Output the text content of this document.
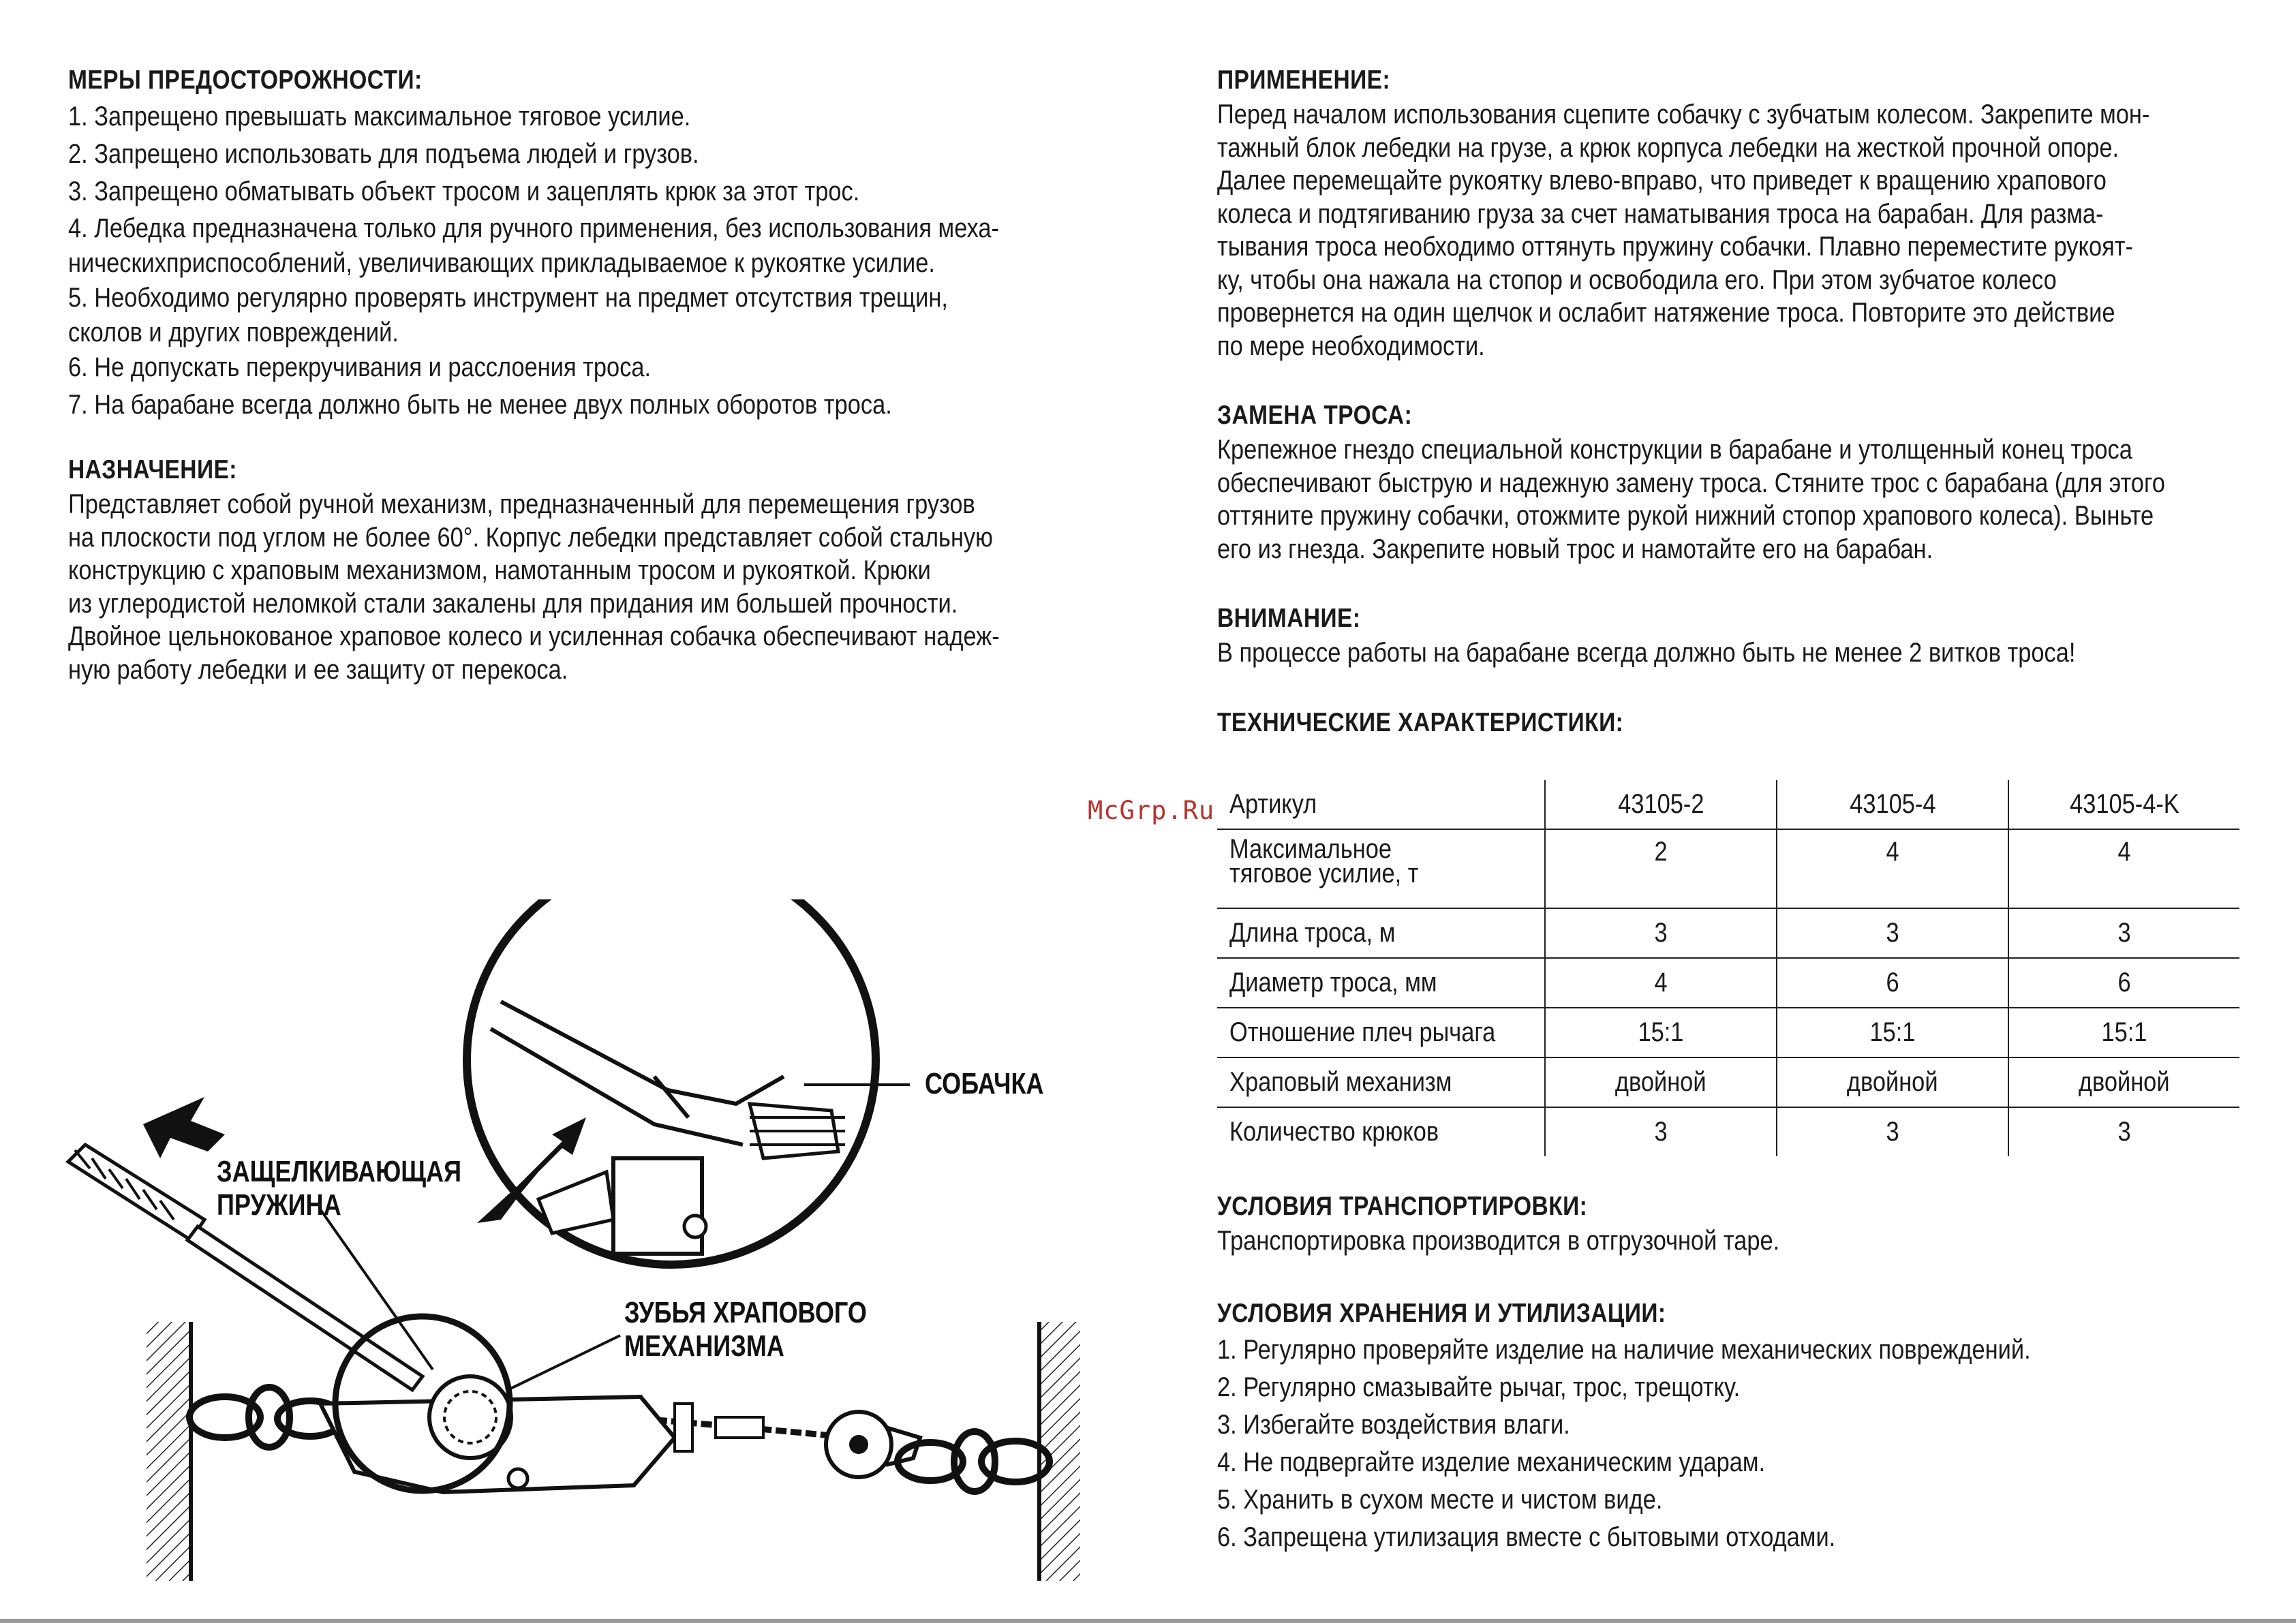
МЕРЫ ПРЕДОСТОРОЖНОСТИ:
1. Запрещено превышать максимальное тяговое усилие.
2. Запрещено использовать для подъема людей и грузов.
3. Запрещено обматывать объект тросом и зацеплять крюк за этот трос.
4. Лебедка предназначена только для ручного применения, без использования меха-
ническихприспособлений, увеличивающих прикладываемое к рукоятке усилие.
5. Необходимо регулярно проверять инструмент на предмет отсутствия трещин,
сколов и других повреждений.
6. Не допускать перекручивания и расслоения троса.
7. На барабане всегда должно быть не менее двух полных оборотов троса.
НАЗНАЧЕНИЕ:
Представляет собой ручной механизм, предназначенный для перемещения грузов
на плоскости под углом не более 60°. Корпус лебедки представляет собой стальную
конструкцию с храповым механизмом, намотанным тросом и рукояткой. Крюки
из углеродистой неломкой стали закалены для придания им большей прочности.
Двойное цельнокованое храповое колесо и усиленная собачка обеспечивают надеж-
ную работу лебедки и ее защиту от перекоса.
СОБАЧКА
ЗАЩЕЛКИВАЮЩАЯ
ПРУЖИНА
ЗУБЬЯ ХРАПОВОГО
МЕХАНИЗМА
ПРИМЕНЕНИЕ:
Перед началом использования сцепите собачку с зубчатым колесом. Закрепите мон-
тажный блок лебедки на грузе, а крюк корпуса лебедки на жесткой прочной опоре.
Далее перемещайте рукоятку влево-вправо, что приведет к вращению храпового
колеса и подтягиванию груза за счет наматывания троса на барабан. Для разма-
тывания троса необходимо оттянуть пружину собачки. Плавно переместите рукоят-
ку, чтобы она нажала на стопор и освободила его. При этом зубчатое колесо
провернется на один щелчок и ослабит натяжение троса. Повторите это действие
по мере необходимости.
ЗАМЕНА ТРОСА:
Крепежное гнездо специальной конструкции в барабане и утолщенный конец троса
обеспечивают быструю и надежную замену троса. Стяните трос с барабана (для этого
оттяните пружину собачки, отожмите рукой нижний стопор храпового колеса). Выньте
его из гнезда. Закрепите новый трос и намотайте его на барабан.
ВНИМАНИЕ:
В процессе работы на барабане всегда должно быть не менее 2 витков троса!
ТЕХНИЧЕСКИЕ ХАРАКТЕРИСТИКИ:
McGrp.Ru Артикул	43105-2	43105-4	43105-4-K
Максимальное
тяговое усилие, т	2	4	4
Длина троса, м	3	3	3
Диаметр троса, мм	4	6	6
Отношение плеч рычага	15:1	15:1	15:1
Храповый механизм	двойной	двойной	двойной
Количество крюков	3	3	3
УСЛОВИЯ ТРАНСПОРТИРОВКИ:
Транспортировка производится в отгрузочной таре.
УСЛОВИЯ ХРАНЕНИЯ И УТИЛИЗАЦИИ:
1. Регулярно проверяйте изделие на наличие механических повреждений.
2. Регулярно смазывайте рычаг, трос, трещотку.
3. Избегайте воздействия влаги.
4. Не подвергайте изделие механическим ударам.
5. Хранить в сухом месте и чистом виде.
6. Запрещена утилизация вместе с бытовыми отходами.
